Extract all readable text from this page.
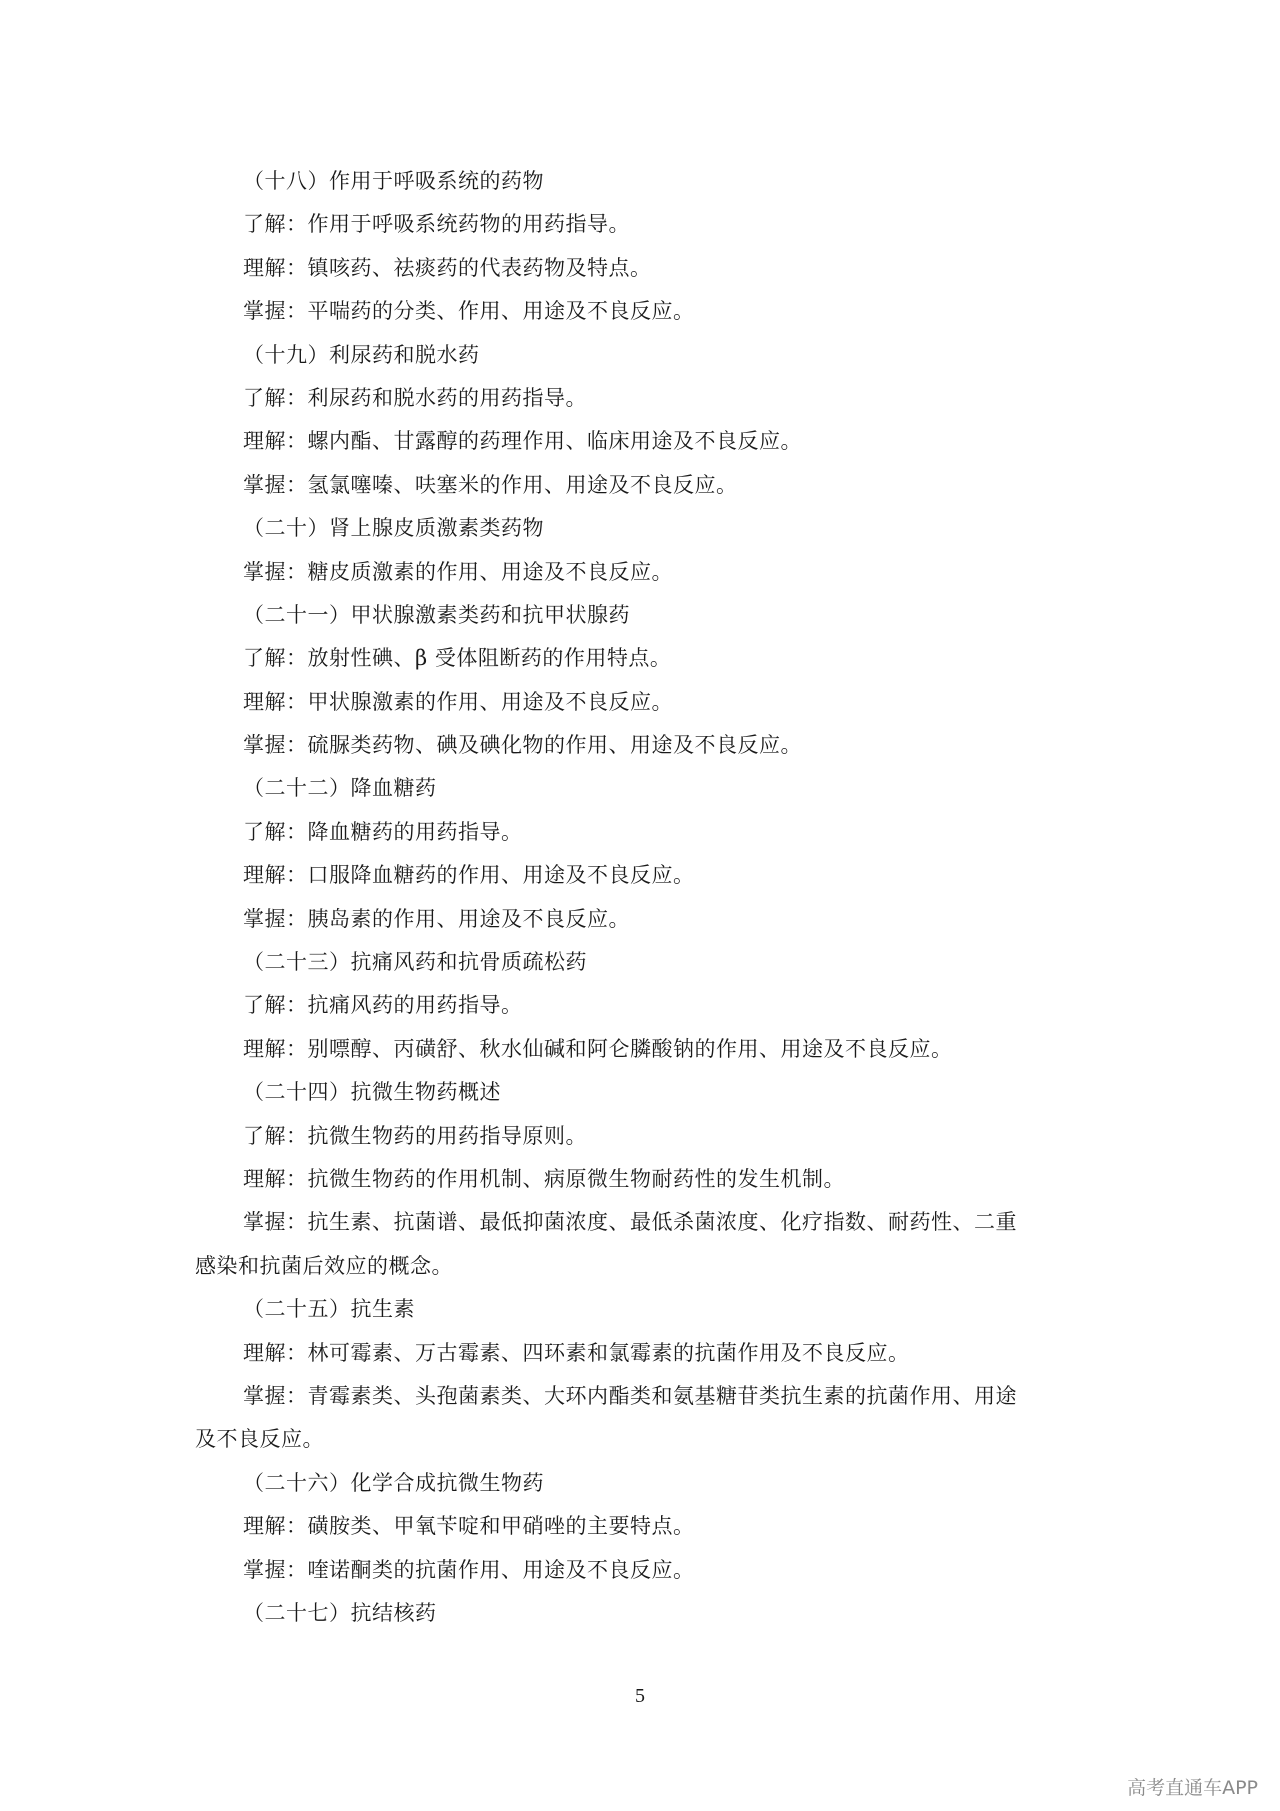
（十八）作用于呼吸系统的药物
了解：作用于呼吸系统药物的用药指导。
理解：镇咳药、祛痰药的代表药物及特点。
掌握：平喘药的分类、作用、用途及不良反应。
（十九）利尿药和脱水药
了解：利尿药和脱水药的用药指导。
理解：螺内酯、甘露醇的药理作用、临床用途及不良反应。
掌握：氢氯噻嗪、呋塞米的作用、用途及不良反应。
（二十）肾上腺皮质激素类药物
掌握：糖皮质激素的作用、用途及不良反应。
（二十一）甲状腺激素类药和抗甲状腺药
了解：放射性碘、β 受体阻断药的作用特点。
理解：甲状腺激素的作用、用途及不良反应。
掌握：硫脲类药物、碘及碘化物的作用、用途及不良反应。
（二十二）降血糖药
了解：降血糖药的用药指导。
理解：口服降血糖药的作用、用途及不良反应。
掌握：胰岛素的作用、用途及不良反应。
（二十三）抗痛风药和抗骨质疏松药
了解：抗痛风药的用药指导。
理解：别嘌醇、丙磺舒、秋水仙碱和阿仑膦酸钠的作用、用途及不良反应。
（二十四）抗微生物药概述
了解：抗微生物药的用药指导原则。
理解：抗微生物药的作用机制、病原微生物耐药性的发生机制。
掌握：抗生素、抗菌谱、最低抑菌浓度、最低杀菌浓度、化疗指数、耐药性、二重
感染和抗菌后效应的概念。
（二十五）抗生素
理解：林可霉素、万古霉素、四环素和氯霉素的抗菌作用及不良反应。
掌握：青霉素类、头孢菌素类、大环内酯类和氨基糖苷类抗生素的抗菌作用、用途
及不良反应。
（二十六）化学合成抗微生物药
理解：磺胺类、甲氧苄啶和甲硝唑的主要特点。
掌握：喹诺酮类的抗菌作用、用途及不良反应。
（二十七）抗结核药
5
高考直通车APP
